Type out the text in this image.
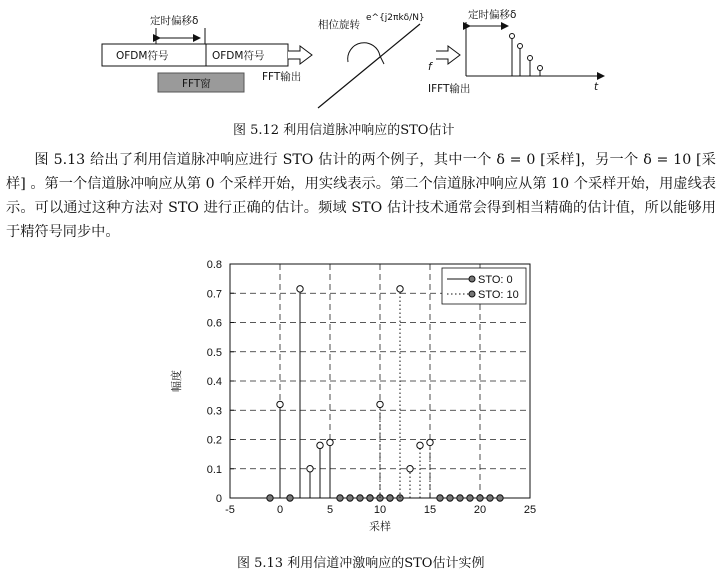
定时偏移δ
OFDM符号	OFDM符号
FFT窗
FFT输出
相位旋转
e^{j2πkδ/N}
f
IFFT输出
定时偏移δ
t
图 5.12 利用信道脉冲响应的STO估计

图 5.13 给出了利用信道脉冲响应进行 STO 估计的两个例子，其中一个 δ = 0 [采样]，另一个 δ = 10 [采样] 。第一个信道脉冲响应从第 0 个采样开始，用实线表示。第二个信道脉冲响应从第 10 个采样开始，用虚线表示。可以通过这种方法对 STO 进行正确的估计。频域 STO 估计技术通常会得到相当精确的估计值，所以能够用于精符号同步中。

-5	0	5	10	15	20	25
0
0.1
0.2
0.3
0.4
0.5
0.6
0.7
0.8
采样
幅度
STO: 0
STO: 10
图 5.13 利用信道冲激响应的STO估计实例
